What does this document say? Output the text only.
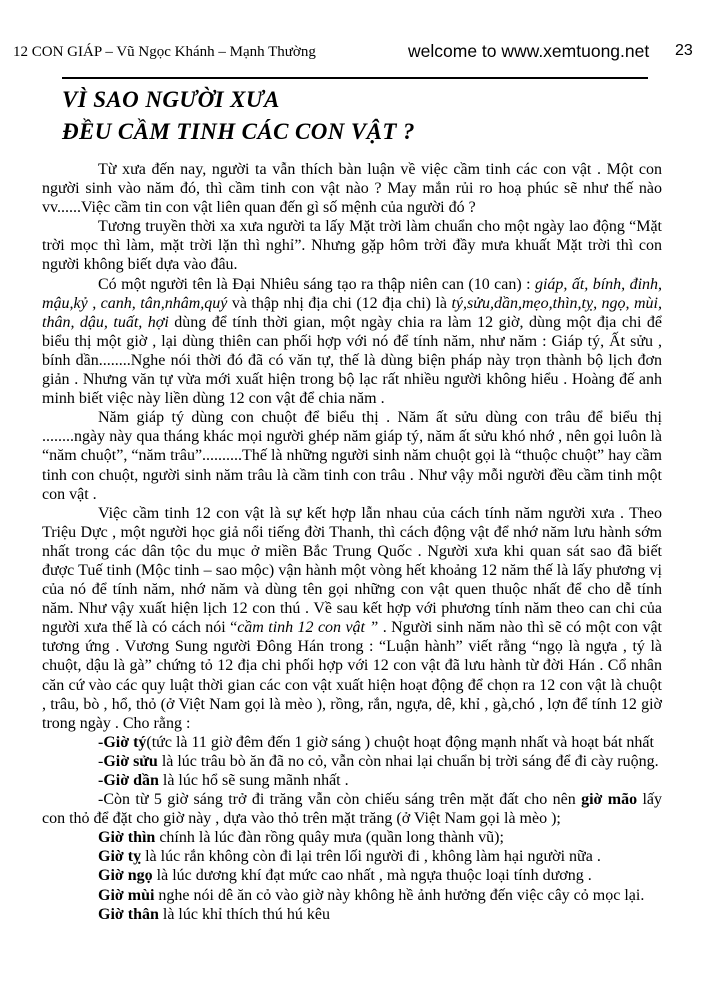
12 CON GIÁP – Vũ Ngọc Khánh – Mạnh Thường	welcome to www.xemtuong.net 23
VÌ SAO NGƯỜI XƯA
ĐỀU CẦM TINH CÁC CON VẬT ?

Từ xưa đến nay, người ta vẫn thích bàn luận về việc cầm tinh các con vật . Một con người sinh vào năm đó, thì cầm tinh con vật nào ? May mắn rủi ro hoạ phúc sẽ như thế nào vv......Việc cầm tin con vật liên quan đến gì số mệnh của người đó ?

Tương truyền thời xa xưa người ta lấy Mặt trời làm chuẩn cho một ngày lao động “Mặt trời mọc thì làm, mặt trời lặn thì nghỉ”. Nhưng gặp hôm trời đầy mưa khuất Mặt trời thì con người không biết dựa vào đâu.

Có một người tên là Đại Nhiêu sáng tạo ra thập niên can (10 can) : giáp, ất, bính, đinh, mậu,kỷ , canh, tân,nhâm,quý và thập nhị địa chi (12 địa chi) là tý,sửu,dần,mẹo,thìn,tỵ, ngọ, mùi, thân, dậu, tuất, hợi dùng để tính thời gian, một ngày chia ra làm 12 giờ, dùng một địa chi để biểu thị một giờ , lại dùng thiên can phối hợp với nó để tính năm, như năm : Giáp tý, Ất sửu , bính dần........Nghe nói thời đó đã có văn tự, thế là dùng biện pháp này trọn thành bộ lịch đơn giản . Nhưng văn tự vừa mới xuất hiện trong bộ lạc rất nhiều người không hiểu . Hoàng đế anh minh biết việc này liền dùng 12 con vật để chia năm .

Năm giáp tý dùng con chuột để biểu thị . Năm ất sửu dùng con trâu để biểu thị ........ngày này qua tháng khác mọi người ghép năm giáp tý, năm ất sửu khó nhớ , nên gọi luôn là “năm chuột”, “năm trâu”..........Thế là những người sinh năm chuột gọi là “thuộc chuột” hay cầm tinh con chuột, người sinh năm trâu là cầm tinh con trâu . Như vậy mỗi người đều cầm tinh một con vật .

Việc cầm tinh 12 con vật là sự kết hợp lẫn nhau của cách tính năm người xưa . Theo Triệu Dực , một người học giả nổi tiếng đời Thanh, thì cách động vật để nhớ năm lưu hành sớm nhất trong các dân tộc du mục ở miền Bắc Trung Quốc . Người xưa khi quan sát sao đã biết được Tuế tinh (Mộc tinh – sao mộc) vận hành một vòng hết khoảng 12 năm thế là lấy phương vị của nó để tính năm, nhớ năm và dùng tên gọi những con vật quen thuộc nhất để cho dễ tính năm. Như vậy xuất hiện lịch 12 con thú . Về sau kết hợp với phương tính năm theo can chi của người xưa thế là có cách nói “cầm tinh 12 con vật ” . Người sinh năm nào thì sẽ có một con vật tương ứng . Vương Sung người Đông Hán trong : “Luận hành” viết rằng “ngọ là ngựa , tý là chuột, dậu là gà” chứng tỏ 12 địa chi phối hợp với 12 con vật đã lưu hành từ đời Hán . Cổ nhân căn cứ vào các quy luật thời gian các con vật xuất hiện hoạt động để chọn ra 12 con vật là chuột , trâu, bò , hổ, thỏ (ở Việt Nam gọi là mèo ), rồng, rắn, ngựa, dê, khỉ , gà,chó , lợn để tính 12 giờ trong ngày . Cho rằng :

-Giờ tý(tức là 11 giờ đêm đến 1 giờ sáng ) chuột hoạt động mạnh nhất và hoạt bát nhất

-Giờ sửu là lúc trâu bò ăn đã no cỏ, vẫn còn nhai lại chuẩn bị trời sáng để đi cày ruộng.

-Giờ dần là lúc hổ sẽ sung mãnh nhất .

-Còn từ 5 giờ sáng trở đi trăng vẫn còn chiếu sáng trên mặt đất cho nên giờ mão lấy con thỏ để đặt cho giờ này , dựa vào thỏ trên mặt trăng (ở Việt Nam gọi là mèo );

Giờ thìn chính là lúc đàn rồng quây mưa (quần long thành vũ);

Giờ tỵ là lúc rắn không còn đi lại trên lối người đi , không làm hại người nữa .

Giờ ngọ là lúc dương khí đạt mức cao nhất , mà ngựa thuộc loại tính dương .

Giờ mùi nghe nói dê ăn cỏ vào giờ này không hề ảnh hưởng đến việc cây cỏ mọc lại.

Giờ thân là lúc khỉ thích thú hú kêu
